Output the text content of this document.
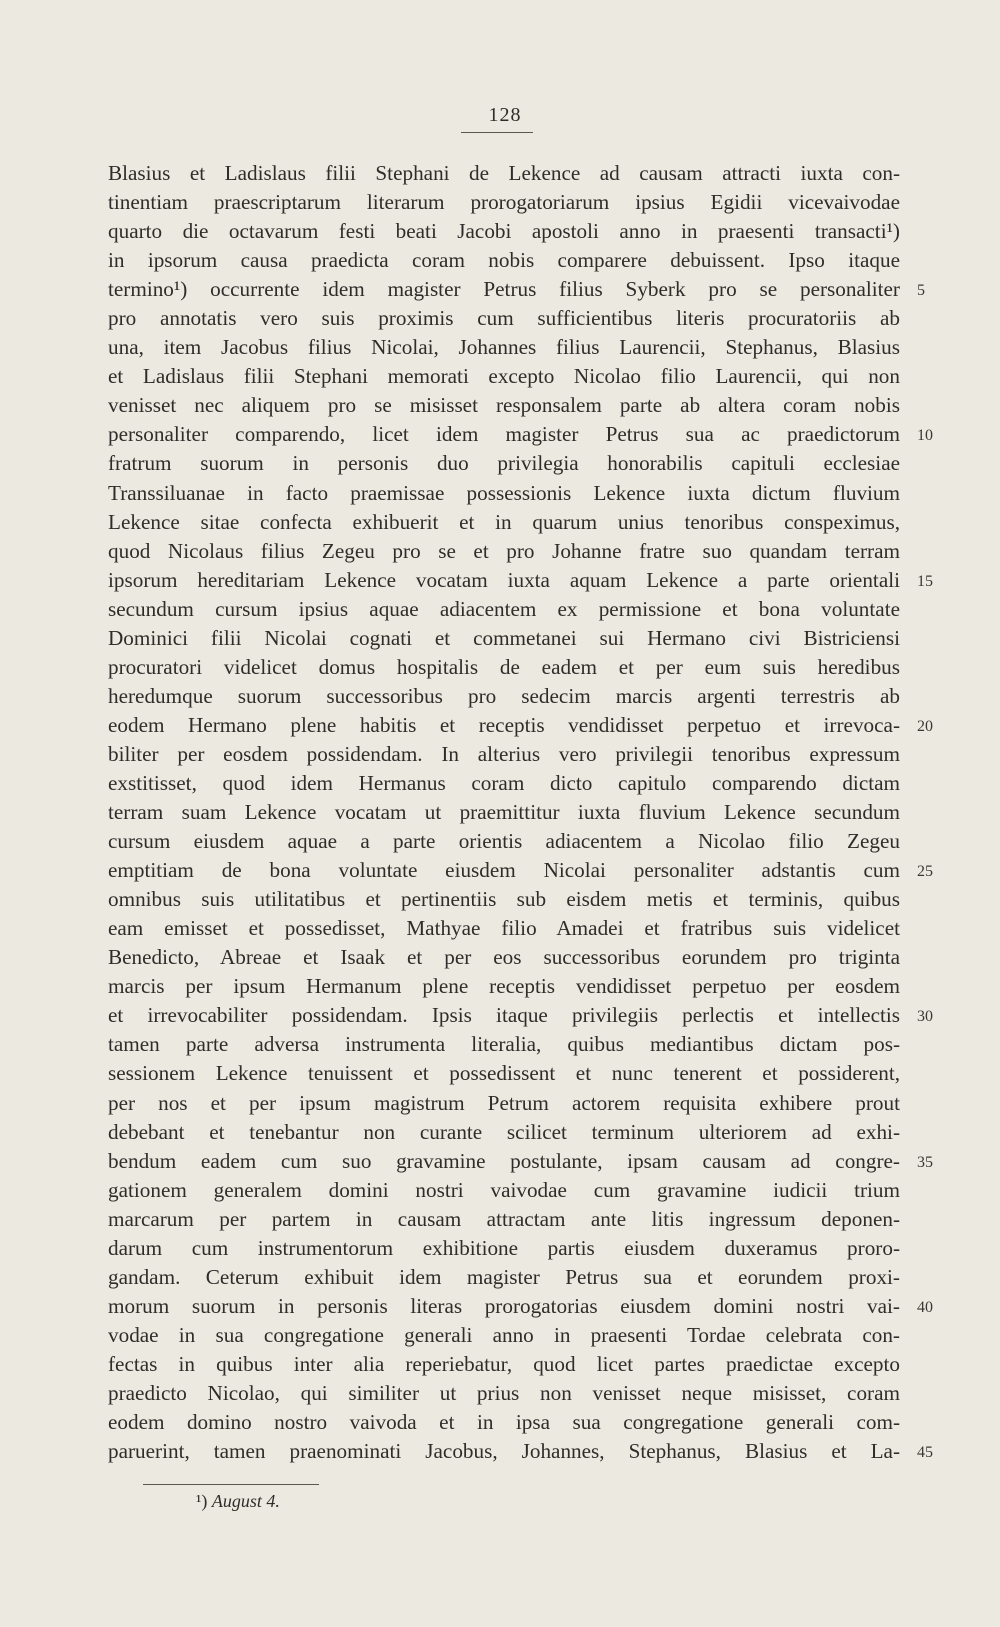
128
Blasius et Ladislaus filii Stephani de Lekence ad causam attracti iuxta con-
tinentiam praescriptarum literarum prorogatoriarum ipsius Egidii vicevaivodae
quarto die octavarum festi beati Jacobi apostoli anno in praesenti transacti¹)
in ipsorum causa praedicta coram nobis comparere debuissent. Ipso itaque
termino¹) occurrente idem magister Petrus filius Syberk pro se personaliter
pro annotatis vero suis proximis cum sufficientibus literis procuratoriis ab
una, item Jacobus filius Nicolai, Johannes filius Laurencii, Stephanus, Blasius
et Ladislaus filii Stephani memorati excepto Nicolao filio Laurencii, qui non
venisset nec aliquem pro se misisset responsalem parte ab altera coram nobis
personaliter comparendo, licet idem magister Petrus sua ac praedictorum
fratrum suorum in personis duo privilegia honorabilis capituli ecclesiae
Transsiluanae in facto praemissae possessionis Lekence iuxta dictum fluvium
Lekence sitae confecta exhibuerit et in quarum unius tenoribus conspeximus,
quod Nicolaus filius Zegeu pro se et pro Johanne fratre suo quandam terram
ipsorum hereditariam Lekence vocatam iuxta aquam Lekence a parte orientali
secundum cursum ipsius aquae adiacentem ex permissione et bona voluntate
Dominici filii Nicolai cognati et commetanei sui Hermano civi Bistriciensi
procuratori videlicet domus hospitalis de eadem et per eum suis heredibus
heredumque suorum successoribus pro sedecim marcis argenti terrestris ab
eodem Hermano plene habitis et receptis vendidisset perpetuo et irrevoca-
biliter per eosdem possidendam. In alterius vero privilegii tenoribus expressum
exstitisset, quod idem Hermanus coram dicto capitulo comparendo dictam
terram suam Lekence vocatam ut praemittitur iuxta fluvium Lekence secundum
cursum eiusdem aquae a parte orientis adiacentem a Nicolao filio Zegeu
emptitiam de bona voluntate eiusdem Nicolai personaliter adstantis cum
omnibus suis utilitatibus et pertinentiis sub eisdem metis et terminis, quibus
eam emisset et possedisset, Mathyae filio Amadei et fratribus suis videlicet
Benedicto, Abreae et Isaak et per eos successoribus eorundem pro triginta
marcis per ipsum Hermanum plene receptis vendidisset perpetuo per eosdem
et irrevocabiliter possidendam. Ipsis itaque privilegiis perlectis et intellectis
tamen parte adversa instrumenta literalia, quibus mediantibus dictam pos-
sessionem Lekence tenuissent et possedissent et nunc tenerent et possiderent,
per nos et per ipsum magistrum Petrum actorem requisita exhibere prout
debebant et tenebantur non curante scilicet terminum ulteriorem ad exhi-
bendum eadem cum suo gravamine postulante, ipsam causam ad congre-
gationem generalem domini nostri vaivodae cum gravamine iudicii trium
marcarum per partem in causam attractam ante litis ingressum deponen-
darum cum instrumentorum exhibitione partis eiusdem duxeramus proro-
gandam. Ceterum exhibuit idem magister Petrus sua et eorundem proxi-
morum suorum in personis literas prorogatorias eiusdem domini nostri vai-
vodae in sua congregatione generali anno in praesenti Tordae celebrata con-
fectas in quibus inter alia reperiebatur, quod licet partes praedictae excepto
praedicto Nicolao, qui similiter ut prius non venisset neque misisset, coram
eodem domino nostro vaivoda et in ipsa sua congregatione generali com-
paruerint, tamen praenominati Jacobus, Johannes, Stephanus, Blasius et La-
5
10
15
20
25
30
35
40
45
¹) August 4.
